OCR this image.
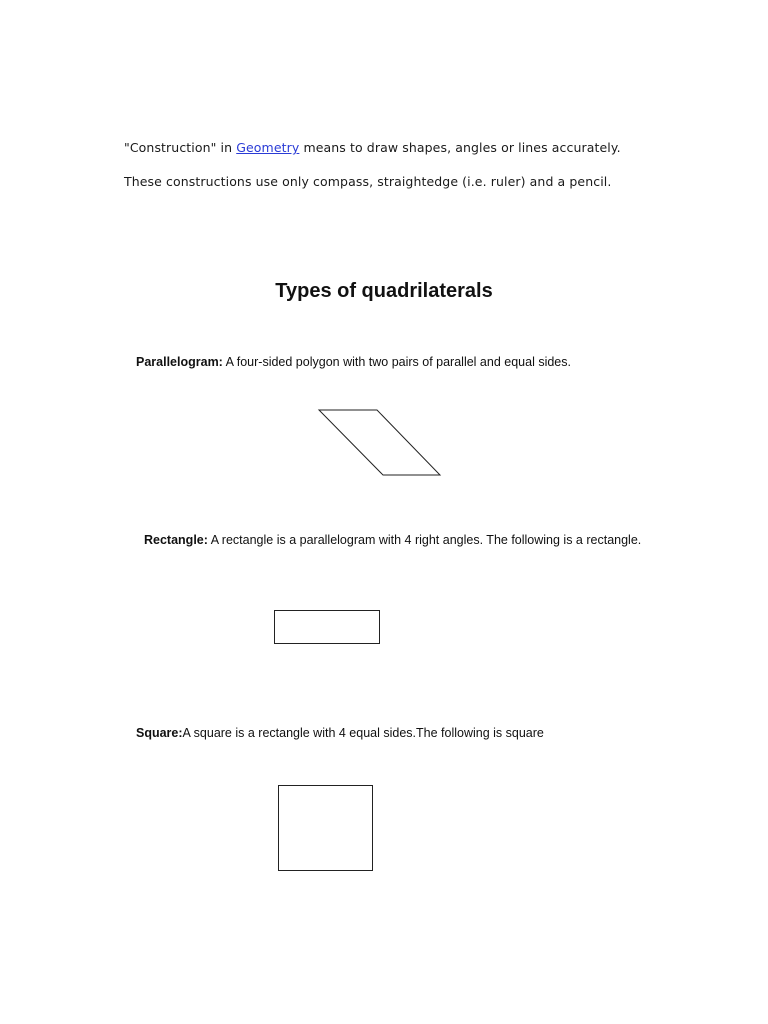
"Construction" in Geometry means to draw shapes, angles or lines accurately.
These constructions use only compass, straightedge (i.e. ruler) and a pencil.
Types of quadrilaterals
Parallelogram: A four-sided polygon with two pairs of parallel and equal sides.
Rectangle: A rectangle is a parallelogram with 4 right angles. The following is a rectangle.
Square:A square is a rectangle with 4 equal sides.The following is square
